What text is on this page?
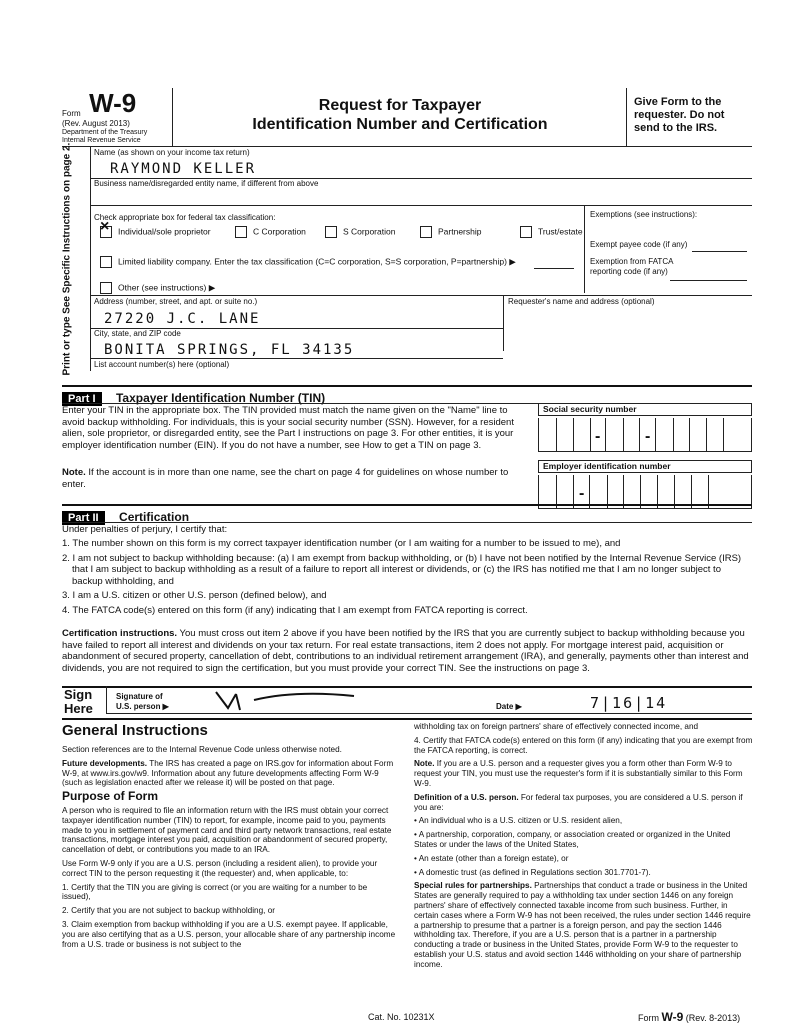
Form W-9
(Rev. August 2013)
Department of the Treasury
Internal Revenue Service
Request for Taxpayer
Identification Number and Certification
Give Form to the requester. Do not send to the IRS.
Print or type See Specific Instructions on page 2.	Name (as shown on your income tax return)
RAYMOND KELLER
Business name/disregarded entity name, if different from above
Check appropriate box for federal tax classification:
×Individual/sole proprietor	C Corporation	S Corporation	Partnership	Trust/estate
Exemptions (see instructions):
Exempt payee code (if any)
Exemption from FATCA reporting code (if any)
Limited liability company. Enter the tax classification (C=C corporation, S=S corporation, P=partnership) ▶
Other (see instructions) ▶
Address (number, street, and apt. or suite no.)
27220 J.C. LANE
Requester's name and address (optional)
City, state, and ZIP code
BONITA SPRINGS, FL 34135
List account number(s) here (optional)
Part I Taxpayer Identification Number (TIN)
Enter your TIN in the appropriate box. The TIN provided must match the name given on the "Name" line to avoid backup withholding. For individuals, this is your social security number (SSN). However, for a resident alien, sole proprietor, or disregarded entity, see the Part I instructions on page 3. For other entities, it is your employer identification number (EIN). If you do not have a number, see How to get a TIN on page 3.
Note. If the account is in more than one name, see the chart on page 4 for guidelines on whose number to enter.
Social security number
-	-
Employer identification number
-
Part II Certification
Under penalties of perjury, I certify that:
1. The number shown on this form is my correct taxpayer identification number (or I am waiting for a number to be issued to me), and
2. I am not subject to backup withholding because: (a) I am exempt from backup withholding, or (b) I have not been notified by the Internal Revenue Service (IRS) that I am subject to backup withholding as a result of a failure to report all interest or dividends, or (c) the IRS has notified me that I am no longer subject to backup withholding, and
3. I am a U.S. citizen or other U.S. person (defined below), and
4. The FATCA code(s) entered on this form (if any) indicating that I am exempt from FATCA reporting is correct.
Certification instructions. You must cross out item 2 above if you have been notified by the IRS that you are currently subject to backup withholding because you have failed to report all interest and dividends on your tax return. For real estate transactions, item 2 does not apply. For mortgage interest paid, acquisition or abandonment of secured property, cancellation of debt, contributions to an individual retirement arrangement (IRA), and generally, payments other than interest and dividends, you are not required to sign the certification, but you must provide your correct TIN. See the instructions on page 3.
Sign Here
Signature of U.S. person ▶	Date ▶	7|16|14
General Instructions

Section references are to the Internal Revenue Code unless otherwise noted.

Future developments. The IRS has created a page on IRS.gov for information about Form W-9, at www.irs.gov/w9. Information about any future developments affecting Form W-9 (such as legislation enacted after we release it) will be posted on that page.

Purpose of Form

A person who is required to file an information return with the IRS must obtain your correct taxpayer identification number (TIN) to report, for example, income paid to you, payments made to you in settlement of payment card and third party network transactions, real estate transactions, mortgage interest you paid, acquisition or abandonment of secured property, cancellation of debt, or contributions you made to an IRA.

Use Form W-9 only if you are a U.S. person (including a resident alien), to provide your correct TIN to the person requesting it (the requester) and, when applicable, to:

1. Certify that the TIN you are giving is correct (or you are waiting for a number to be issued),

2. Certify that you are not subject to backup withholding, or

3. Claim exemption from backup withholding if you are a U.S. exempt payee. If applicable, you are also certifying that as a U.S. person, your allocable share of any partnership income from a U.S. trade or business is not subject to the

withholding tax on foreign partners' share of effectively connected income, and

4. Certify that FATCA code(s) entered on this form (if any) indicating that you are exempt from the FATCA reporting, is correct.

Note. If you are a U.S. person and a requester gives you a form other than Form W-9 to request your TIN, you must use the requester's form if it is substantially similar to this Form W-9.

Definition of a U.S. person. For federal tax purposes, you are considered a U.S. person if you are:

• An individual who is a U.S. citizen or U.S. resident alien,

• A partnership, corporation, company, or association created or organized in the United States or under the laws of the United States,

• An estate (other than a foreign estate), or

• A domestic trust (as defined in Regulations section 301.7701-7).

Special rules for partnerships. Partnerships that conduct a trade or business in the United States are generally required to pay a withholding tax under section 1446 on any foreign partners' share of effectively connected taxable income from such business. Further, in certain cases where a Form W-9 has not been received, the rules under section 1446 require a partnership to presume that a partner is a foreign person, and pay the section 1446 withholding tax. Therefore, if you are a U.S. person that is a partner in a partnership conducting a trade or business in the United States, provide Form W-9 to the requester to establish your U.S. status and avoid section 1446 withholding on your share of partnership income.

Cat. No. 10231X	Form W-9 (Rev. 8-2013)
